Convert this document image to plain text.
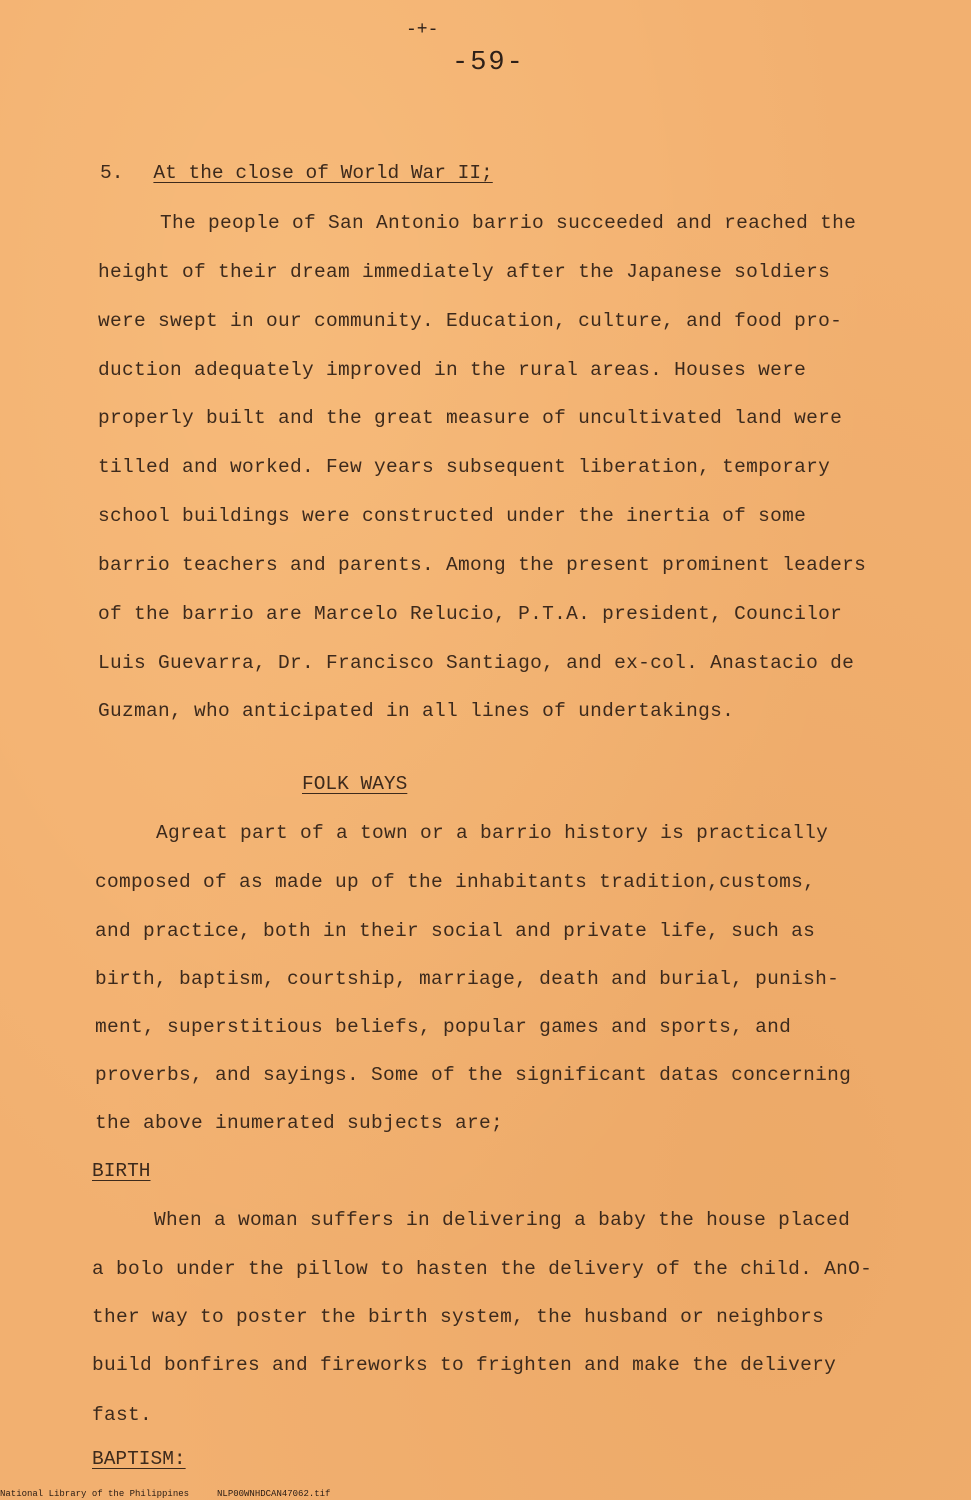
-+-
-59-
5. At the close of World War II;
The people of San Antonio barrio succeeded and reached the
height of their dream immediately after the Japanese soldiers
were swept in our community. Education, culture, and food pro-
duction adequately improved in the rural areas. Houses were
properly built and the great measure of uncultivated land were
tilled and worked. Few years subsequent liberation, temporary
school buildings were constructed under the inertia of some
barrio teachers and parents. Among the present prominent leaders
of the barrio are Marcelo Relucio, P.T.A. president, Councilor
Luis Guevarra, Dr. Francisco Santiago, and ex-col. Anastacio de
Guzman, who anticipated in all lines of undertakings.
FOLK WAYS
Agreat part of a town or a barrio history is practically
composed of as made up of the inhabitants tradition,customs,
and practice, both in their social and private life, such as
birth, baptism, courtship, marriage, death and burial, punish-
ment, superstitious beliefs, popular games and sports, and
proverbs, and sayings. Some of the significant datas concerning
the above inumerated subjects are;
BIRTH
When a woman suffers in delivering a baby the house placed
a bolo under the pillow to hasten the delivery of the child. AnO-
ther way to poster the birth system, the husband or neighbors
build bonfires and fireworks to frighten and make the delivery
fast.
BAPTISM:
National Library of the Philippines	NLP00WNHDCAN47062.tif
